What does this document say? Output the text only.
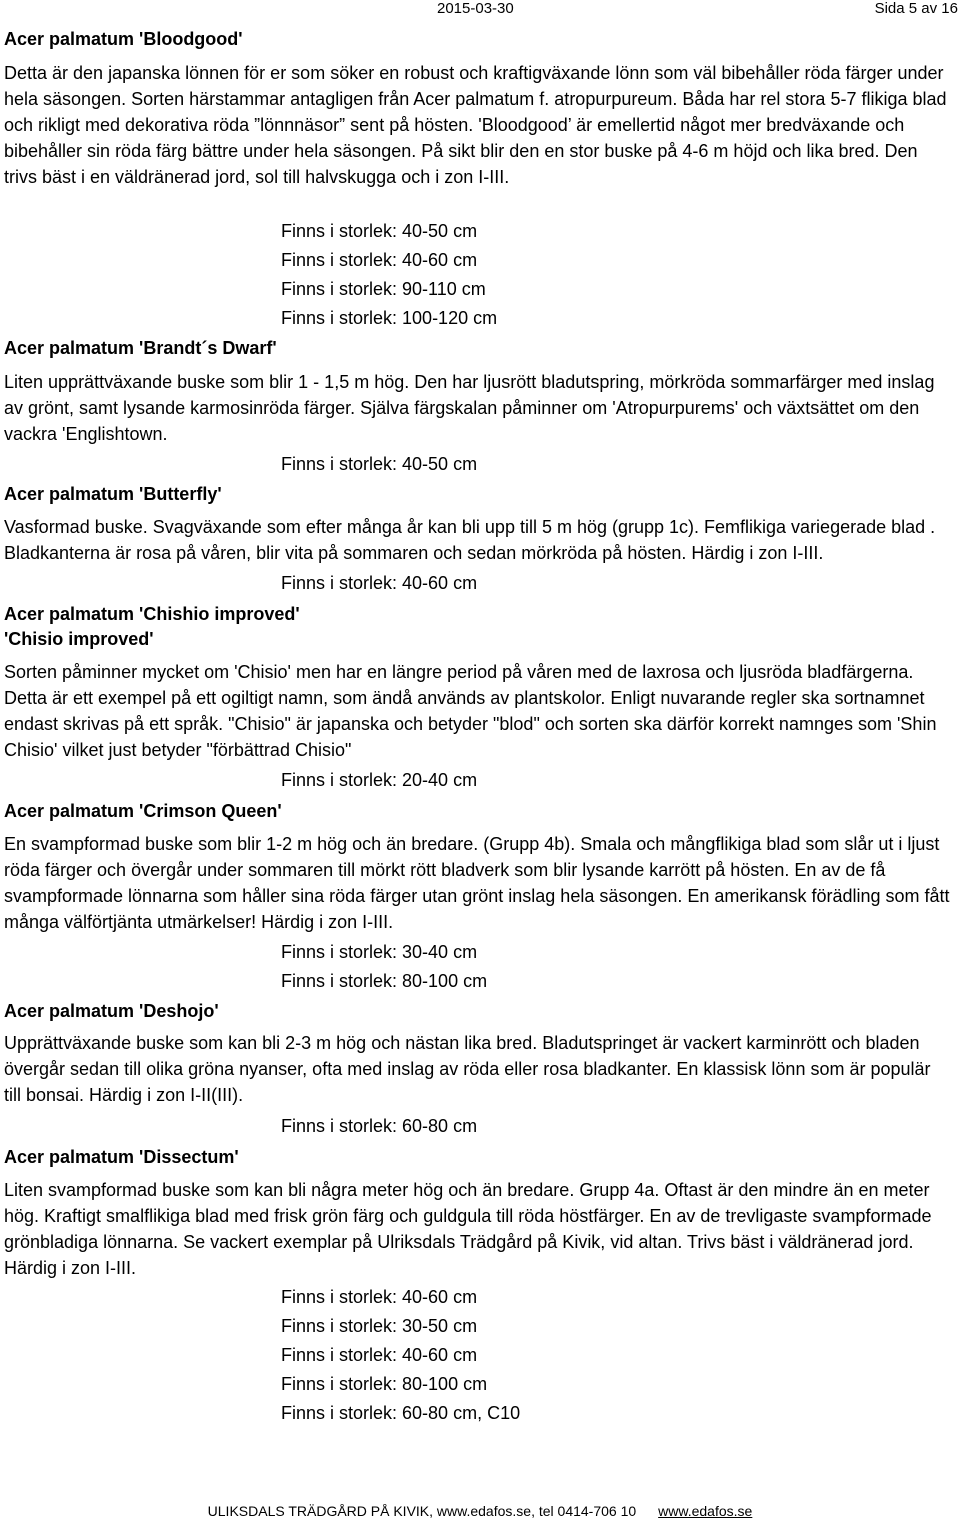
2015-03-30	Sida 5 av 16
Acer palmatum 'Bloodgood'
Detta är den japanska lönnen för er som söker en robust och kraftigväxande lönn som väl bibehåller röda färger under hela säsongen. Sorten härstammar antagligen från Acer palmatum f. atropurpureum. Båda har rel stora 5-7 flikiga blad och rikligt med dekorativa röda ”lönnnäsor” sent på hösten. 'Bloodgood’ är emellertid något mer bredväxande och bibehåller sin röda färg bättre under hela säsongen. På sikt blir den en stor buske på 4-6 m höjd och lika bred. Den trivs bäst i en väldränerad jord, sol till halvskugga och i zon I-III.
Finns i storlek: 40-50 cm
Finns i storlek: 40-60 cm
Finns i storlek: 90-110 cm
Finns i storlek: 100-120 cm
Acer palmatum 'Brandt´s Dwarf'
Liten upprättväxande buske som blir 1 - 1,5 m hög. Den har ljusrött bladutspring, mörkröda sommarfärger med inslag av grönt, samt lysande karmosinröda färger. Själva färgskalan påminner om 'Atropurpurems' och växtsättet om den vackra 'Englishtown.
Finns i storlek: 40-50 cm
Acer palmatum 'Butterfly'
Vasformad buske. Svagväxande som efter många år kan bli upp till 5 m hög (grupp 1c). Femflikiga variegerade blad . Bladkanterna är rosa på våren, blir vita på sommaren och sedan mörkröda på hösten. Härdig i zon I-III.
Finns i storlek: 40-60 cm
Acer palmatum 'Chishio improved'
'Chisio improved'
Sorten påminner mycket om 'Chisio' men har en längre period på våren med de laxrosa och ljusröda bladfärgerna. Detta är ett exempel på ett ogiltigt namn, som ändå används av plantskolor. Enligt nuvarande regler ska sortnamnet endast skrivas på ett språk. "Chisio" är japanska och betyder "blod" och sorten ska därför korrekt namnges som 'Shin Chisio' vilket just betyder "förbättrad Chisio"
Finns i storlek: 20-40 cm
Acer palmatum 'Crimson Queen'
En svampformad buske som blir 1-2 m hög och än bredare. (Grupp 4b). Smala och mångflikiga blad som slår ut i ljust röda färger och övergår under sommaren till mörkt rött bladverk som blir lysande karrött på hösten. En av de få svampformade lönnarna som håller sina röda färger utan grönt inslag hela säsongen. En amerikansk förädling som fått många välförtjänta utmärkelser! Härdig i zon I-III.
Finns i storlek: 30-40 cm
Finns i storlek: 80-100 cm
Acer palmatum 'Deshojo'
Upprättväxande buske som kan bli 2-3 m hög och nästan lika bred. Bladutspringet är vackert karminrött och bladen övergår sedan till olika gröna nyanser, ofta med inslag av röda eller rosa bladkanter. En klassisk lönn som är populär till bonsai. Härdig i zon I-II(III).
Finns i storlek: 60-80 cm
Acer palmatum 'Dissectum'
Liten svampformad buske som kan bli några meter hög och än bredare. Grupp 4a. Oftast är den mindre än en meter hög. Kraftigt smalflikiga blad med frisk grön färg och guldgula till röda höstfärger. En av de trevligaste svampformade grönbladiga lönnarna. Se vackert exemplar på Ulriksdals Trädgård på Kivik, vid altan. Trivs bäst i väldränerad jord. Härdig i zon I-III.
Finns i storlek: 40-60 cm
Finns i storlek: 30-50 cm
Finns i storlek: 40-60 cm
Finns i storlek: 80-100 cm
Finns i storlek: 60-80 cm, C10
ULIKSDALS TRÄDGÅRD PÅ KIVIK, www.edafos.se, tel 0414-706 10 www.edafos.se
